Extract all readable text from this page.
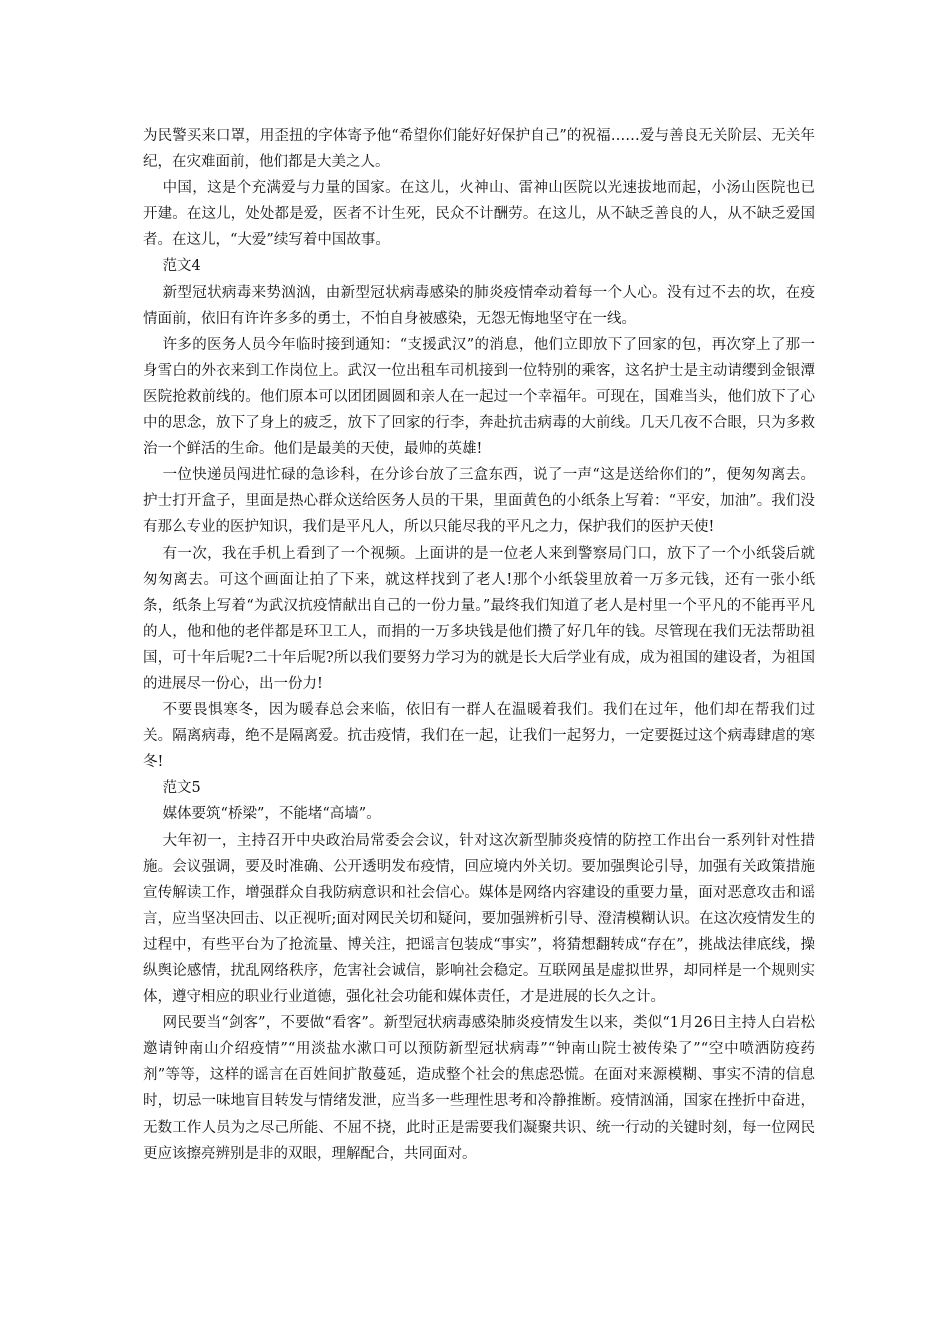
为民警买来口罩，用歪扭的字体寄予他“希望你们能好好保护自己”的祝福……爱与善良无关阶层、无关年纪，在灾难面前，他们都是大美之人。

中国，这是个充满爱与力量的国家。在这儿，火神山、雷神山医院以光速拔地而起，小汤山医院也已开建。在这儿，处处都是爱，医者不计生死，民众不计酬劳。在这儿，从不缺乏善良的人，从不缺乏爱国者。在这儿，“大爱”续写着中国故事。

范文4

新型冠状病毒来势汹汹，由新型冠状病毒感染的肺炎疫情牵动着每一个人心。没有过不去的坎，在疫情面前，依旧有许许多多的勇士，不怕自身被感染，无怨无悔地坚守在一线。

许多的医务人员今年临时接到通知：“支援武汉”的消息，他们立即放下了回家的包，再次穿上了那一身雪白的外衣来到工作岗位上。武汉一位出租车司机接到一位特别的乘客，这名护士是主动请缨到金银潭医院抢救前线的。他们原本可以团团圆圆和亲人在一起过一个幸福年。可现在，国难当头，他们放下了心中的思念，放下了身上的疲乏，放下了回家的行李，奔赴抗击病毒的大前线。几天几夜不合眼，只为多救治一个鲜活的生命。他们是最美的天使，最帅的英雄!

一位快递员闯进忙碌的急诊科，在分诊台放了三盒东西，说了一声“这是送给你们的”，便匆匆离去。护士打开盒子，里面是热心群众送给医务人员的干果，里面黄色的小纸条上写着：“平安，加油”。我们没有那么专业的医护知识，我们是平凡人，所以只能尽我的平凡之力，保护我们的医护天使!

有一次，我在手机上看到了一个视频。上面讲的是一位老人来到警察局门口，放下了一个小纸袋后就匆匆离去。可这个画面让拍了下来，就这样找到了老人!那个小纸袋里放着一万多元钱，还有一张小纸条，纸条上写着“为武汉抗疫情献出自己的一份力量。”最终我们知道了老人是村里一个平凡的不能再平凡的人，他和他的老伴都是环卫工人，而捐的一万多块钱是他们攒了好几年的钱。尽管现在我们无法帮助祖国，可十年后呢?二十年后呢?所以我们要努力学习为的就是长大后学业有成，成为祖国的建设者，为祖国的进展尽一份心，出一份力!

不要畏惧寒冬，因为暖春总会来临，依旧有一群人在温暖着我们。我们在过年，他们却在帮我们过关。隔离病毒，绝不是隔离爱。抗击疫情，我们在一起，让我们一起努力，一定要挺过这个病毒肆虐的寒冬!

范文5

媒体要筑“桥梁”，不能堵“高墙”。

大年初一，主持召开中央政治局常委会会议，针对这次新型肺炎疫情的防控工作出台一系列针对性措施。会议强调，要及时准确、公开透明发布疫情，回应境内外关切。要加强舆论引导，加强有关政策措施宣传解读工作，增强群众自我防病意识和社会信心。媒体是网络内容建设的重要力量，面对恶意攻击和谣言，应当坚决回击、以正视听;面对网民关切和疑问，要加强辨析引导、澄清模糊认识。在这次疫情发生的过程中，有些平台为了抢流量、博关注，把谣言包装成“事实”，将猜想翻转成“存在”，挑战法律底线，操纵舆论感情，扰乱网络秩序，危害社会诚信，影响社会稳定。互联网虽是虚拟世界，却同样是一个规则实体，遵守相应的职业行业道德，强化社会功能和媒体责任，才是进展的长久之计。

网民要当“剑客”，不要做“看客”。新型冠状病毒感染肺炎疫情发生以来，类似“1月26日主持人白岩松邀请钟南山介绍疫情”“用淡盐水漱口可以预防新型冠状病毒”“钟南山院士被传染了”“空中喷洒防疫药剂”等等，这样的谣言在百姓间扩散蔓延，造成整个社会的焦虑恐慌。在面对来源模糊、事实不清的信息时，切忌一味地盲目转发与情绪发泄，应当多一些理性思考和冷静推断。疫情汹涌，国家在挫折中奋进，无数工作人员为之尽己所能、不屈不挠，此时正是需要我们凝聚共识、统一行动的关键时刻，每一位网民更应该擦亮辨别是非的双眼，理解配合，共同面对。
